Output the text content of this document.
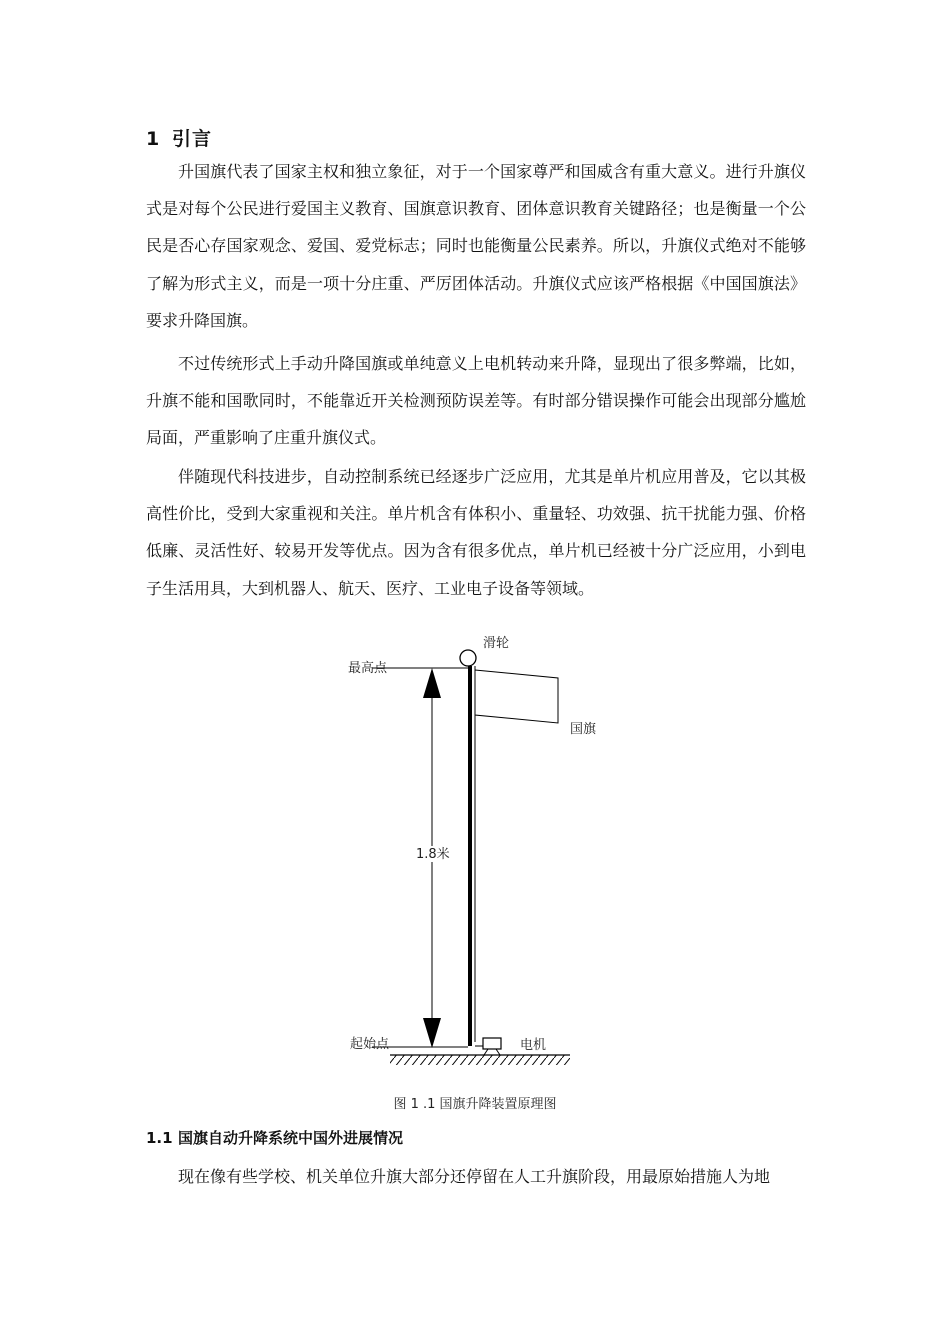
1 引言

升国旗代表了国家主权和独立象征，对于一个国家尊严和国威含有重大意义。进行升旗仪式是对每个公民进行爱国主义教育、国旗意识教育、团体意识教育关键路径；也是衡量一个公民是否心存国家观念、爱国、爱党标志；同时也能衡量公民素养。所以，升旗仪式绝对不能够了解为形式主义，而是一项十分庄重、严厉团体活动。升旗仪式应该严格根据《中国国旗法》要求升降国旗。

不过传统形式上手动升降国旗或单纯意义上电机转动来升降，显现出了很多弊端，比如，升旗不能和国歌同时，不能靠近开关检测预防误差等。有时部分错误操作可能会出现部分尴尬局面，严重影响了庄重升旗仪式。

伴随现代科技进步，自动控制系统已经逐步广泛应用，尤其是单片机应用普及，它以其极高性价比，受到大家重视和关注。单片机含有体积小、重量轻、功效强、抗干扰能力强、价格低廉、灵活性好、较易开发等优点。因为含有很多优点，单片机已经被十分广泛应用，小到电子生活用具，大到机器人、航天、医疗、工业电子设备等领域。

滑轮
最高点
国旗
1.8米
起始点	电机
图 1 .1 国旗升降装置原理图
1.1 国旗自动升降系统中国外进展情况

现在像有些学校、机关单位升旗大部分还停留在人工升旗阶段，用最原始措施人为地
